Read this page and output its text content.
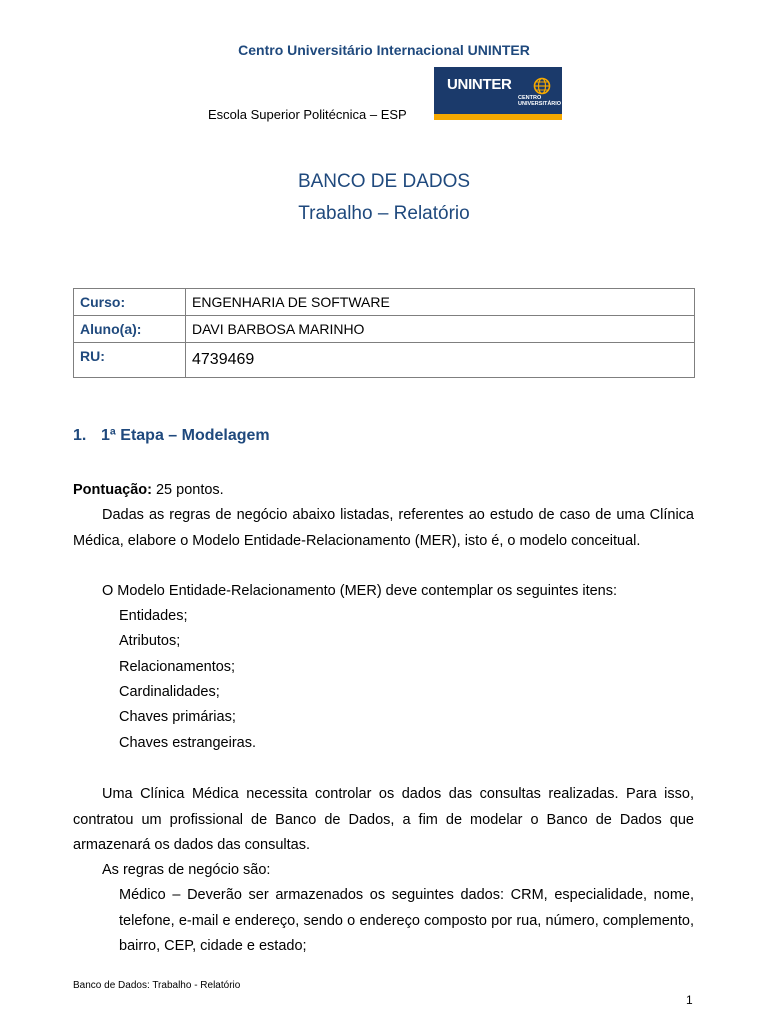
Centro Universitário Internacional UNINTER
Escola Superior Politécnica – ESP
UNINTER
CENTRO
UNIVERSITÁRIO
BANCO DE DADOS
Trabalho – Relatório
Curso:	ENGENHARIA DE SOFTWARE
Aluno(a):	DAVI BARBOSA MARINHO
RU:	4739469
1. 1ª Etapa – Modelagem
Pontuação: 25 pontos.
Dadas as regras de negócio abaixo listadas, referentes ao estudo de caso de uma Clínica Médica, elabore o Modelo Entidade-Relacionamento (MER), isto é, o modelo conceitual.
O Modelo Entidade-Relacionamento (MER) deve contemplar os seguintes itens:
Entidades;
Atributos;
Relacionamentos;
Cardinalidades;
Chaves primárias;
Chaves estrangeiras.
Uma Clínica Médica necessita controlar os dados das consultas realizadas. Para isso, contratou um profissional de Banco de Dados, a fim de modelar o Banco de Dados que armazenará os dados das consultas.
As regras de negócio são:
Médico – Deverão ser armazenados os seguintes dados: CRM, especialidade, nome, telefone, e-mail e endereço, sendo o endereço composto por rua, número, complemento, bairro, CEP, cidade e estado;
Banco de Dados: Trabalho - Relatório
1
